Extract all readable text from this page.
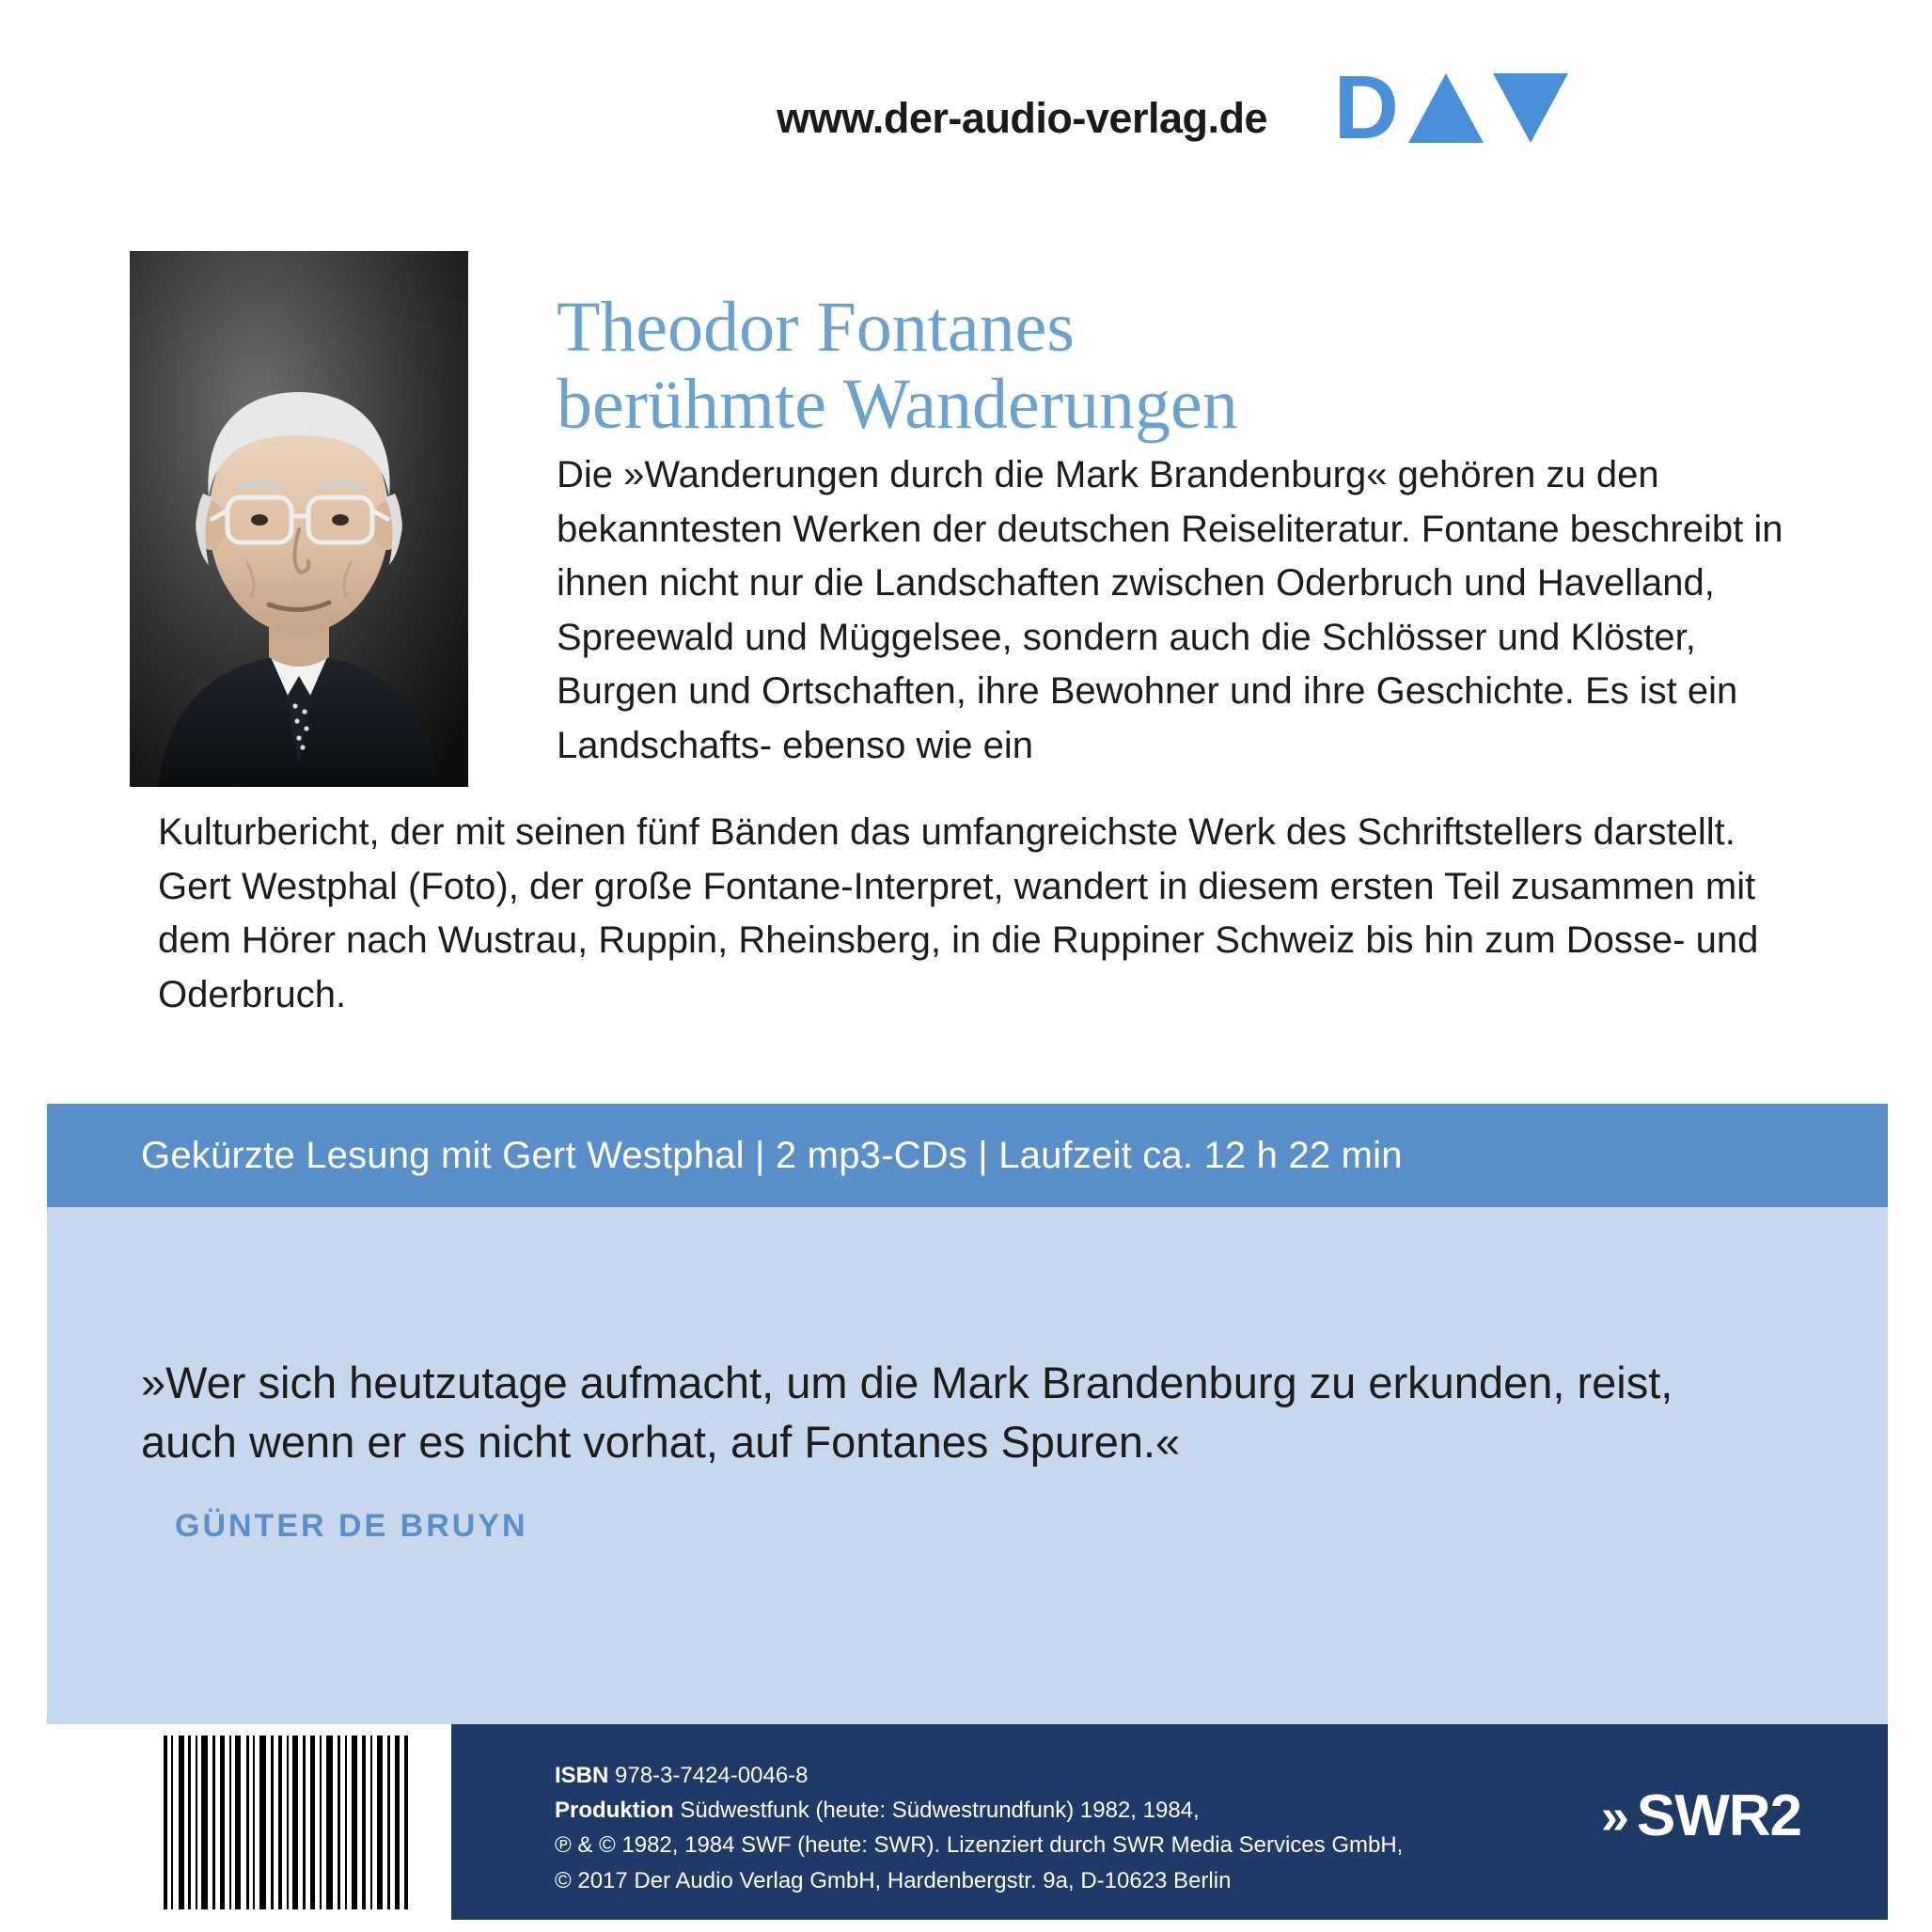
www.der-audio-verlag.de D
Theodor Fontanes
berühmte Wanderungen

Die »Wanderungen durch die Mark Brandenburg« gehören zu den bekanntesten Werken der deutschen Reiseliteratur. Fontane beschreibt in ihnen nicht nur die Landschaften zwischen Oderbruch und Havelland, Spreewald und Müggelsee, sondern auch die Schlösser und Klöster, Burgen und Ortschaften, ihre Bewohner und ihre Geschichte. Es ist ein Landschafts- ebenso wie ein

Kulturbericht, der mit seinen fünf Bänden das umfangreichste Werk des Schriftstellers darstellt. Gert Westphal (Foto), der große Fontane-Interpret, wandert in diesem ersten Teil zusammen mit dem Hörer nach Wustrau, Ruppin, Rheinsberg, in die Ruppiner Schweiz bis hin zum Dosse- und Oderbruch.

Gekürzte Lesung mit Gert Westphal | 2 mp3-CDs | Laufzeit ca. 12 h 22 min
»Wer sich heutzutage aufmacht, um die Mark Brandenburg zu erkunden, reist, auch wenn er es nicht vorhat, auf Fontanes Spuren.«
GÜNTER DE BRUYN
ISBN 978-3-7424-0046-8
Produktion Südwestfunk (heute: Südwestrundfunk) 1982, 1984,
℗ & © 1982, 1984 SWF (heute: SWR). Lizenziert durch SWR Media Services GmbH,
© 2017 Der Audio Verlag GmbH, Hardenbergstr. 9a, D-10623 Berlin
» SWR2
